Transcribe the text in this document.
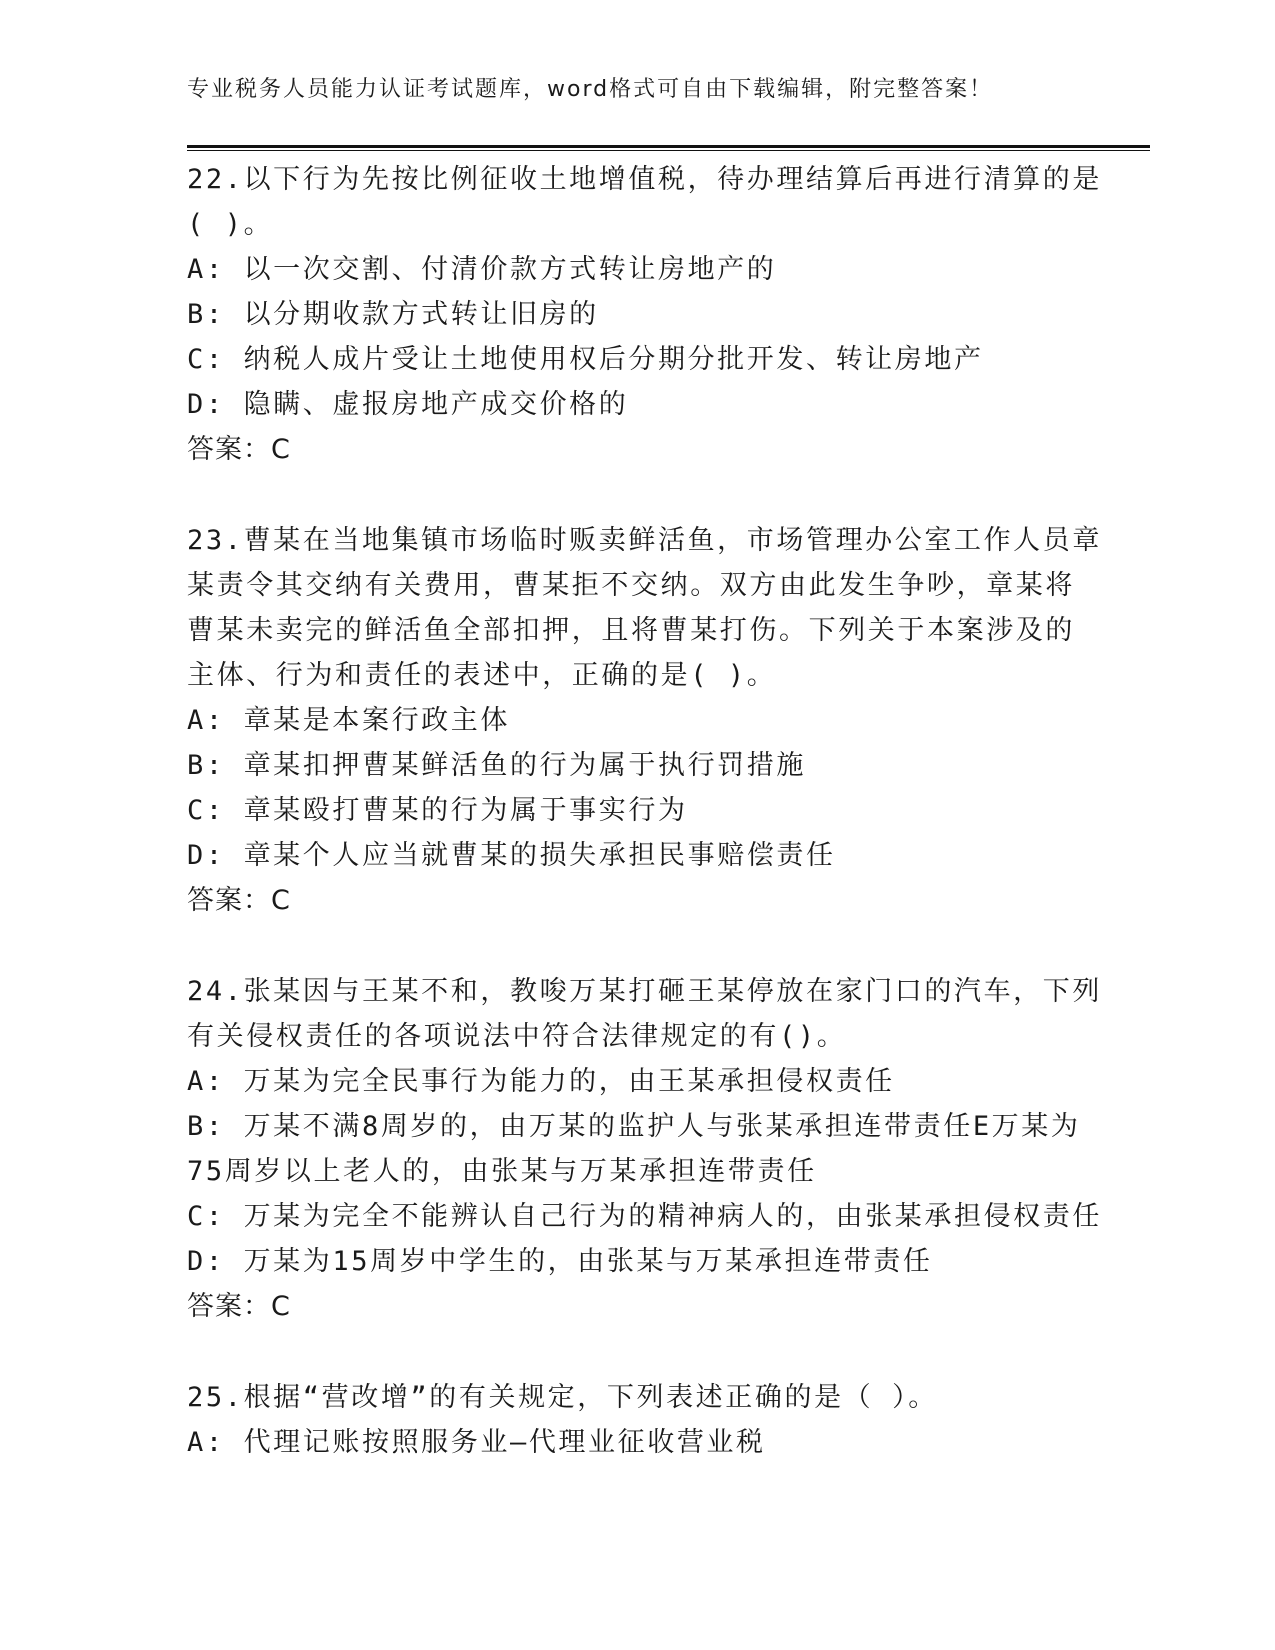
专业税务人员能力认证考试题库，word格式可自由下载编辑，附完整答案！
22.以下行为先按比例征收土地增值税，待办理结算后再进行清算的是
( )。
A: 以一次交割、付清价款方式转让房地产的
B: 以分期收款方式转让旧房的
C: 纳税人成片受让土地使用权后分期分批开发、转让房地产
D: 隐瞒、虚报房地产成交价格的
答案：C
23.曹某在当地集镇市场临时贩卖鲜活鱼，市场管理办公室工作人员章
某责令其交纳有关费用，曹某拒不交纳。双方由此发生争吵，章某将
曹某未卖完的鲜活鱼全部扣押，且将曹某打伤。下列关于本案涉及的
主体、行为和责任的表述中，正确的是( )。
A: 章某是本案行政主体
B: 章某扣押曹某鲜活鱼的行为属于执行罚措施
C: 章某殴打曹某的行为属于事实行为
D: 章某个人应当就曹某的损失承担民事赔偿责任
答案：C
24.张某因与王某不和，教唆万某打砸王某停放在家门口的汽车，下列
有关侵权责任的各项说法中符合法律规定的有()。
A: 万某为完全民事行为能力的，由王某承担侵权责任
B: 万某不满8周岁的，由万某的监护人与张某承担连带责任E万某为
75周岁以上老人的，由张某与万某承担连带责任
C: 万某为完全不能辨认自己行为的精神病人的，由张某承担侵权责任
D: 万某为15周岁中学生的，由张某与万某承担连带责任
答案：C
25.根据“营改增”的有关规定，下列表述正确的是（ ）。
A: 代理记账按照服务业—代理业征收营业税
